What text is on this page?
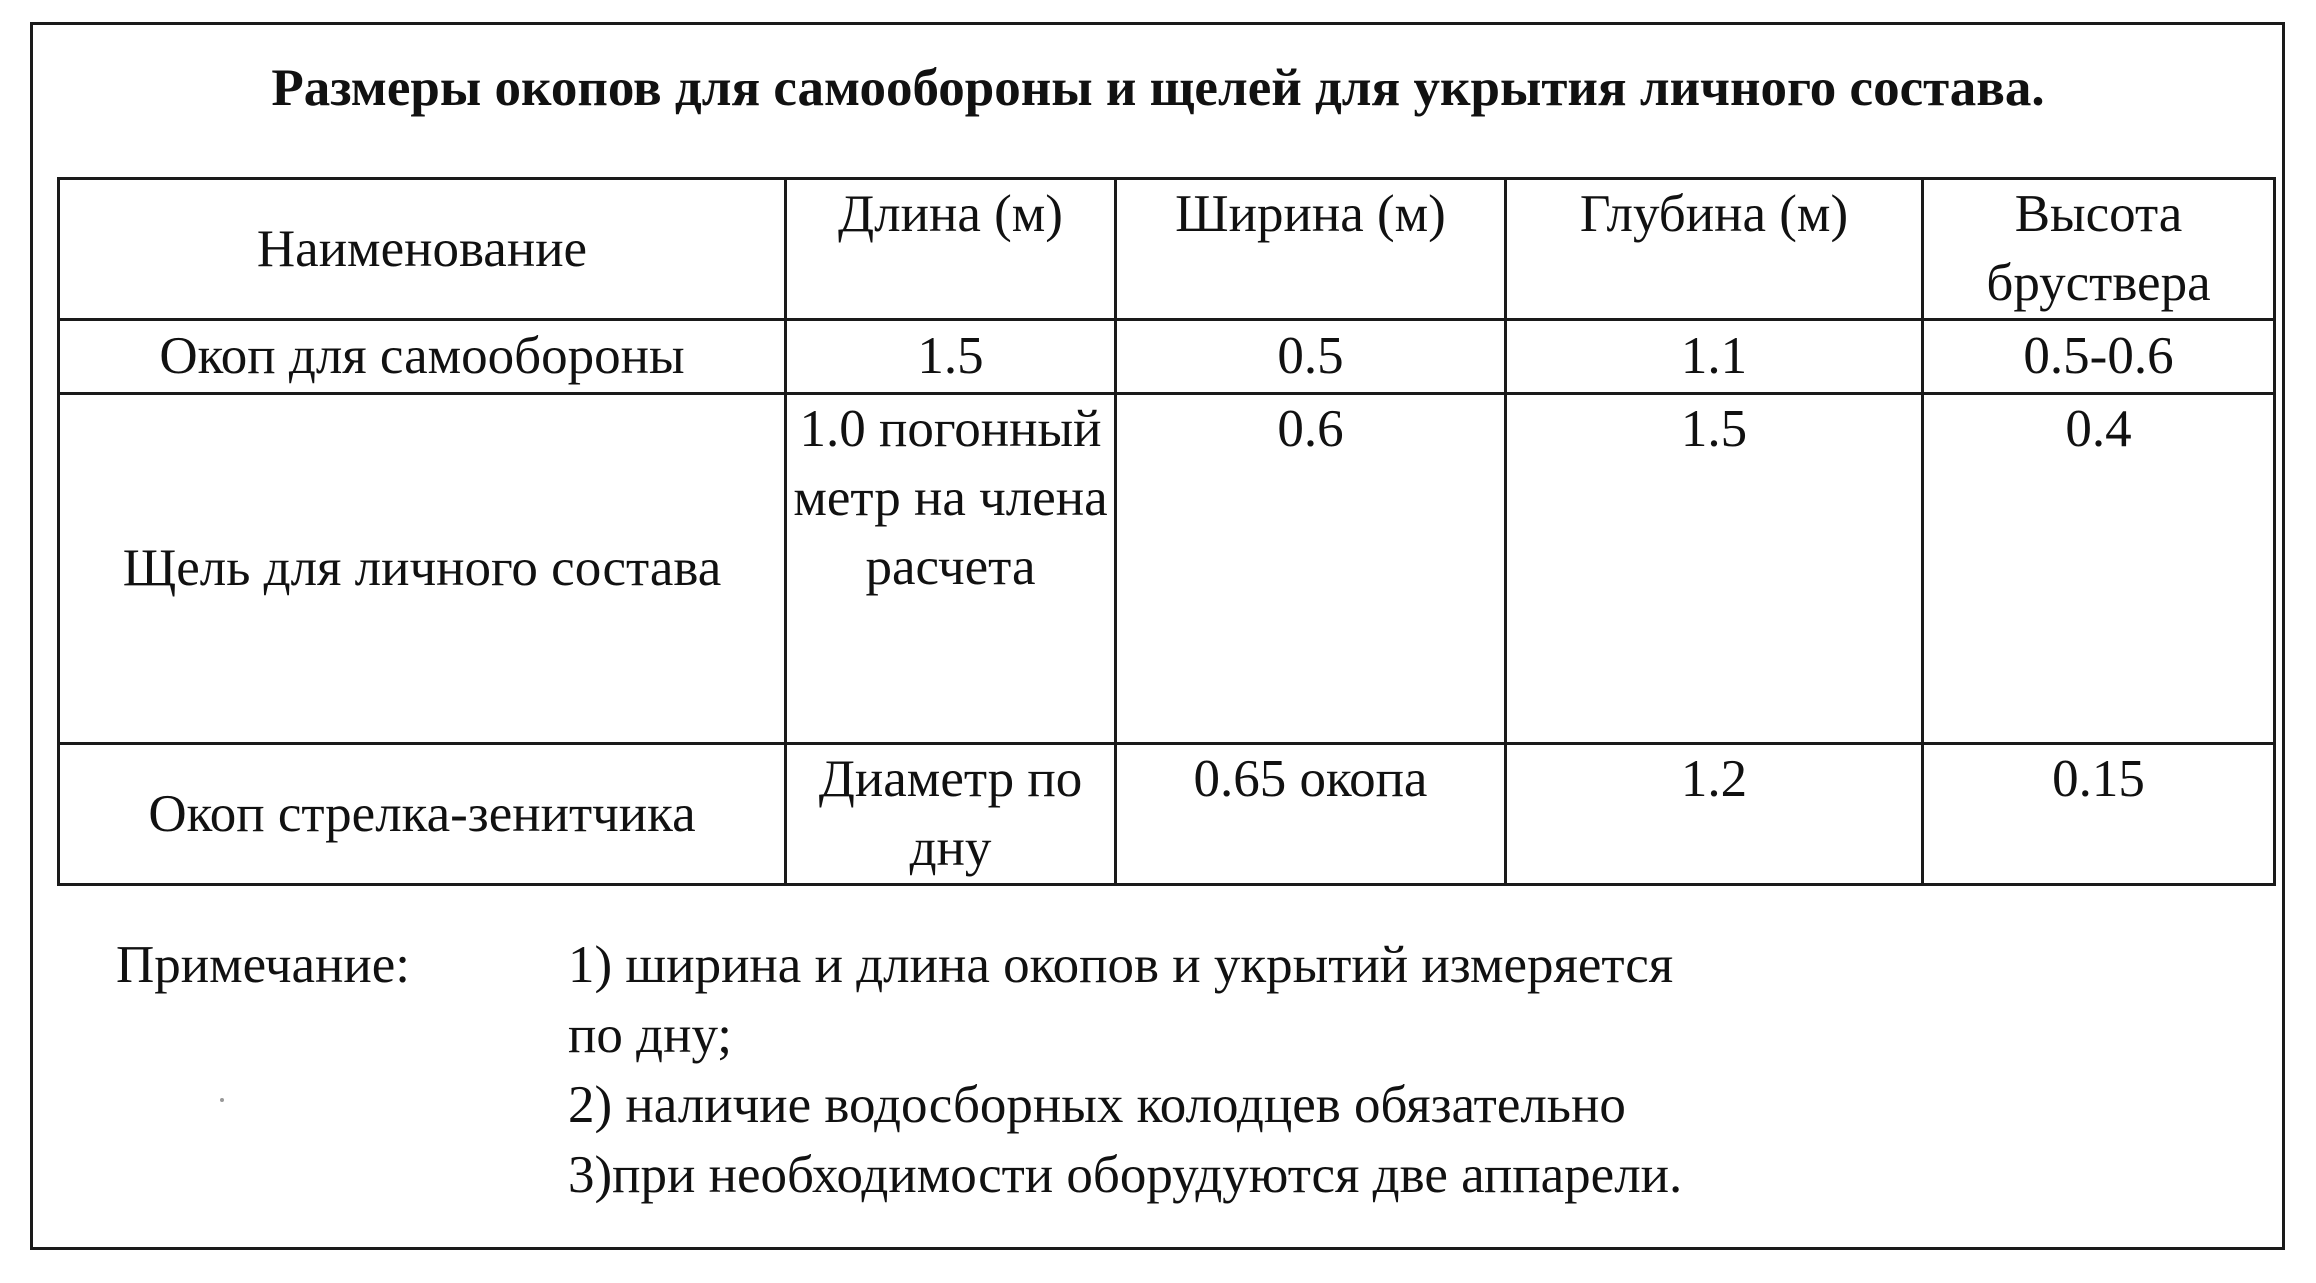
Размеры окопов для самообороны и щелей для укрытия личного состава.
Наименование	Длина (м)	Ширина (м)	Глубина (м)	Высота бруствера
Окоп для самообороны	1.5	0.5	1.1	0.5-0.6
Щель для личного состава	1.0 погонный метр на члена расчета	0.6	1.5	0.4
Окоп стрелка-зенитчика	Диаметр по дну	0.65 окопа	1.2	0.15
Примечание:	1) ширина и длина окопов и укрытий измеряется
по дну;
2) наличие водосборных колодцев обязательно
3)при необходимости оборудуются две аппарели.
